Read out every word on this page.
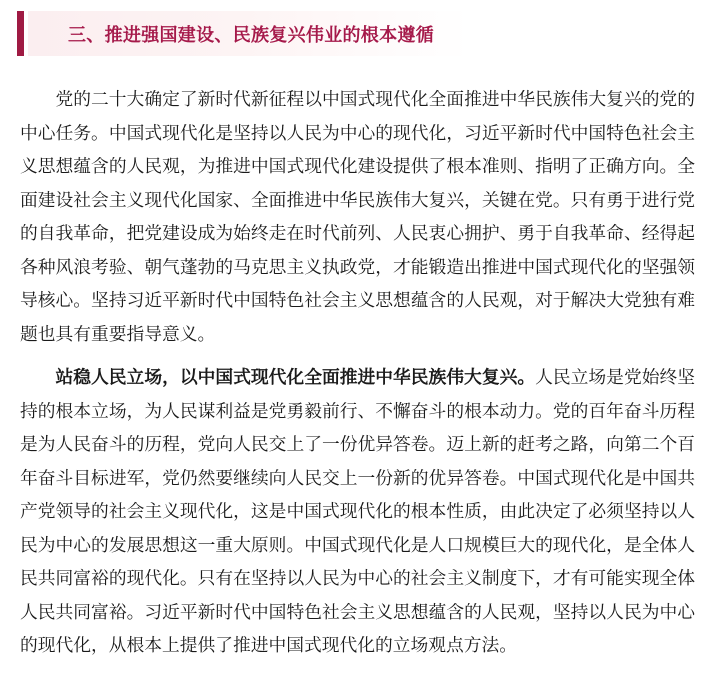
三、推进强国建设、民族复兴伟业的根本遵循

党的二十大确定了新时代新征程以中国式现代化全面推进中华民族伟大复兴的党的中心任务。中国式现代化是坚持以人民为中心的现代化，习近平新时代中国特色社会主义思想蕴含的人民观，为推进中国式现代化建设提供了根本准则、指明了正确方向。全面建设社会主义现代化国家、全面推进中华民族伟大复兴，关键在党。只有勇于进行党的自我革命，把党建设成为始终走在时代前列、人民衷心拥护、勇于自我革命、经得起各种风浪考验、朝气蓬勃的马克思主义执政党，才能锻造出推进中国式现代化的坚强领导核心。坚持习近平新时代中国特色社会主义思想蕴含的人民观，对于解决大党独有难题也具有重要指导意义。

站稳人民立场，以中国式现代化全面推进中华民族伟大复兴。人民立场是党始终坚持的根本立场，为人民谋利益是党勇毅前行、不懈奋斗的根本动力。党的百年奋斗历程是为人民奋斗的历程，党向人民交上了一份优异答卷。迈上新的赶考之路，向第二个百年奋斗目标进军，党仍然要继续向人民交上一份新的优异答卷。中国式现代化是中国共产党领导的社会主义现代化，这是中国式现代化的根本性质，由此决定了必须坚持以人民为中心的发展思想这一重大原则。中国式现代化是人口规模巨大的现代化，是全体人民共同富裕的现代化。只有在坚持以人民为中心的社会主义制度下，才有可能实现全体人民共同富裕。习近平新时代中国特色社会主义思想蕴含的人民观，坚持以人民为中心的现代化，从根本上提供了推进中国式现代化的立场观点方法。
